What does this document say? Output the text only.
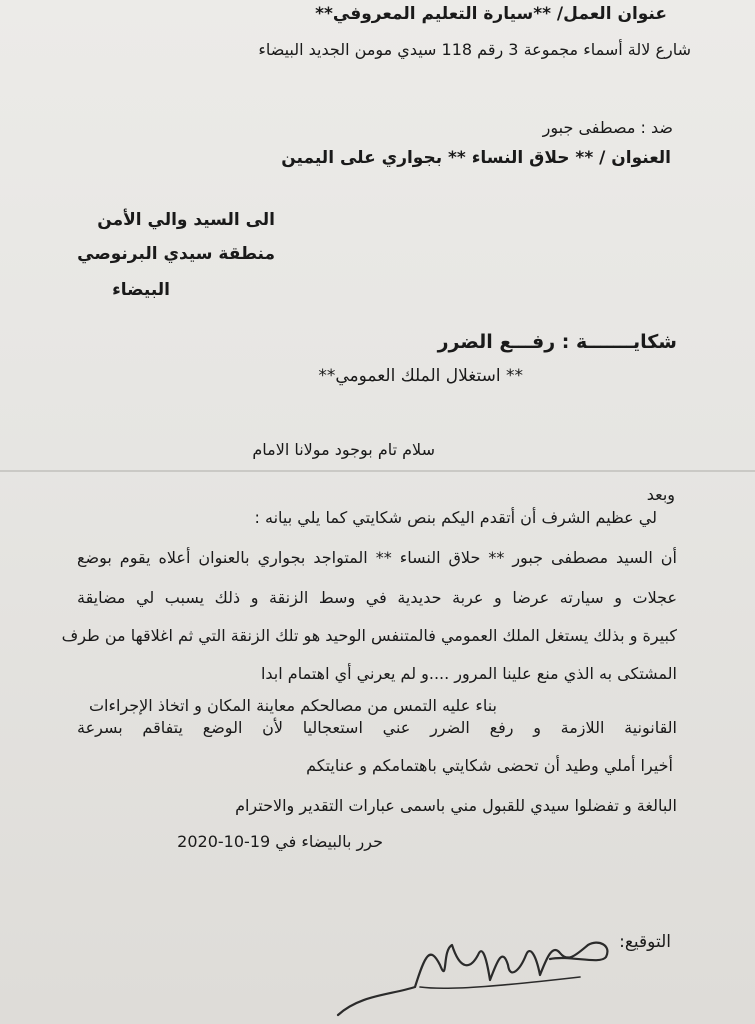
عنوان العمل/ **سيارة التعليم المعروفي**
شارع لالة أسماء مجموعة 3 رقم 118 سيدي مومن الجديد البيضاء
ضد : مصطفى جبور
العنوان / ** حلاق النساء ** بجواري على اليمين
الى السيد والي الأمن
منطقة سيدي البرنوصي
البيضاء
شكايـــــــة : رفـــع الضرر
** استغلال الملك العمومي**
سلام تام بوجود مولانا الامام
وبعد
لي عظيم الشرف أن أتقدم اليكم بنص شكايتي كما يلي بيانه :
أن السيد مصطفى جبور ** حلاق النساء ** المتواجد بجواري بالعنوان أعلاه يقوم بوضع
عجلات و سيارته عرضا و عربة حديدية في وسط الزنقة و ذلك يسبب لي مضايقة
كبيرة و بذلك يستغل الملك العمومي فالمتنفس الوحيد هو تلك الزنقة التي ثم اغلاقها من طرف
المشتكى به الذي منع علينا المرور ....و لم يعرني أي اهتمام ابدا
بناء عليه التمس من مصالحكم معاينة المكان و اتخاذ الإجراءات
القانونية اللازمة و رفع الضرر عني استعجاليا لأن الوضع يتفاقم بسرعة
أخيرا أملي وطيد أن تحضى شكايتي باهتمامكم و عنايتكم
البالغة و تفضلوا سيدي للقبول مني باسمى عبارات التقدير والاحترام
حرر بالبيضاء في 19-10-2020
التوقيع:
